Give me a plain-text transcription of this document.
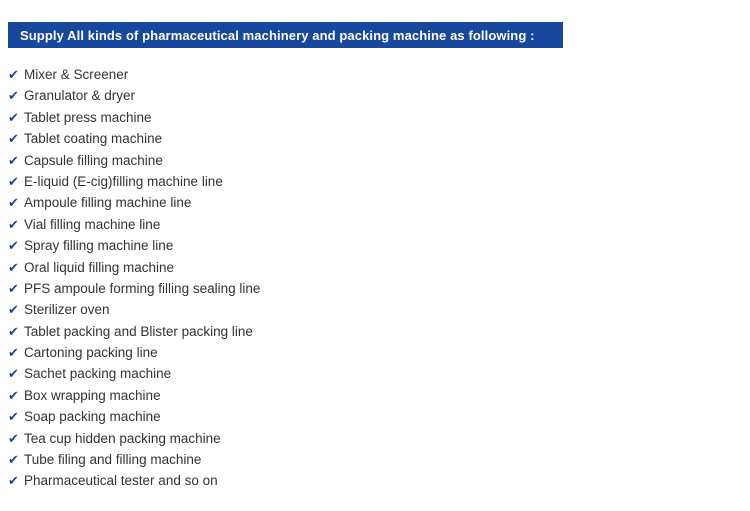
Supply All kinds of pharmaceutical machinery and packing machine as following :
✔ Mixer & Screener
✔ Granulator & dryer
✔ Tablet press machine
✔ Tablet coating machine
✔ Capsule filling machine
✔ E-liquid (E-cig)filling machine line
✔ Ampoule filling machine line
✔ Vial filling machine line
✔ Spray filling machine line
✔ Oral liquid filling machine
✔ PFS ampoule forming filling sealing line
✔ Sterilizer oven
✔ Tablet packing and Blister packing line
✔ Cartoning packing line
✔ Sachet packing machine
✔ Box wrapping machine
✔ Soap packing machine
✔ Tea cup hidden packing machine
✔ Tube filing and filling machine
✔ Pharmaceutical tester and so on
